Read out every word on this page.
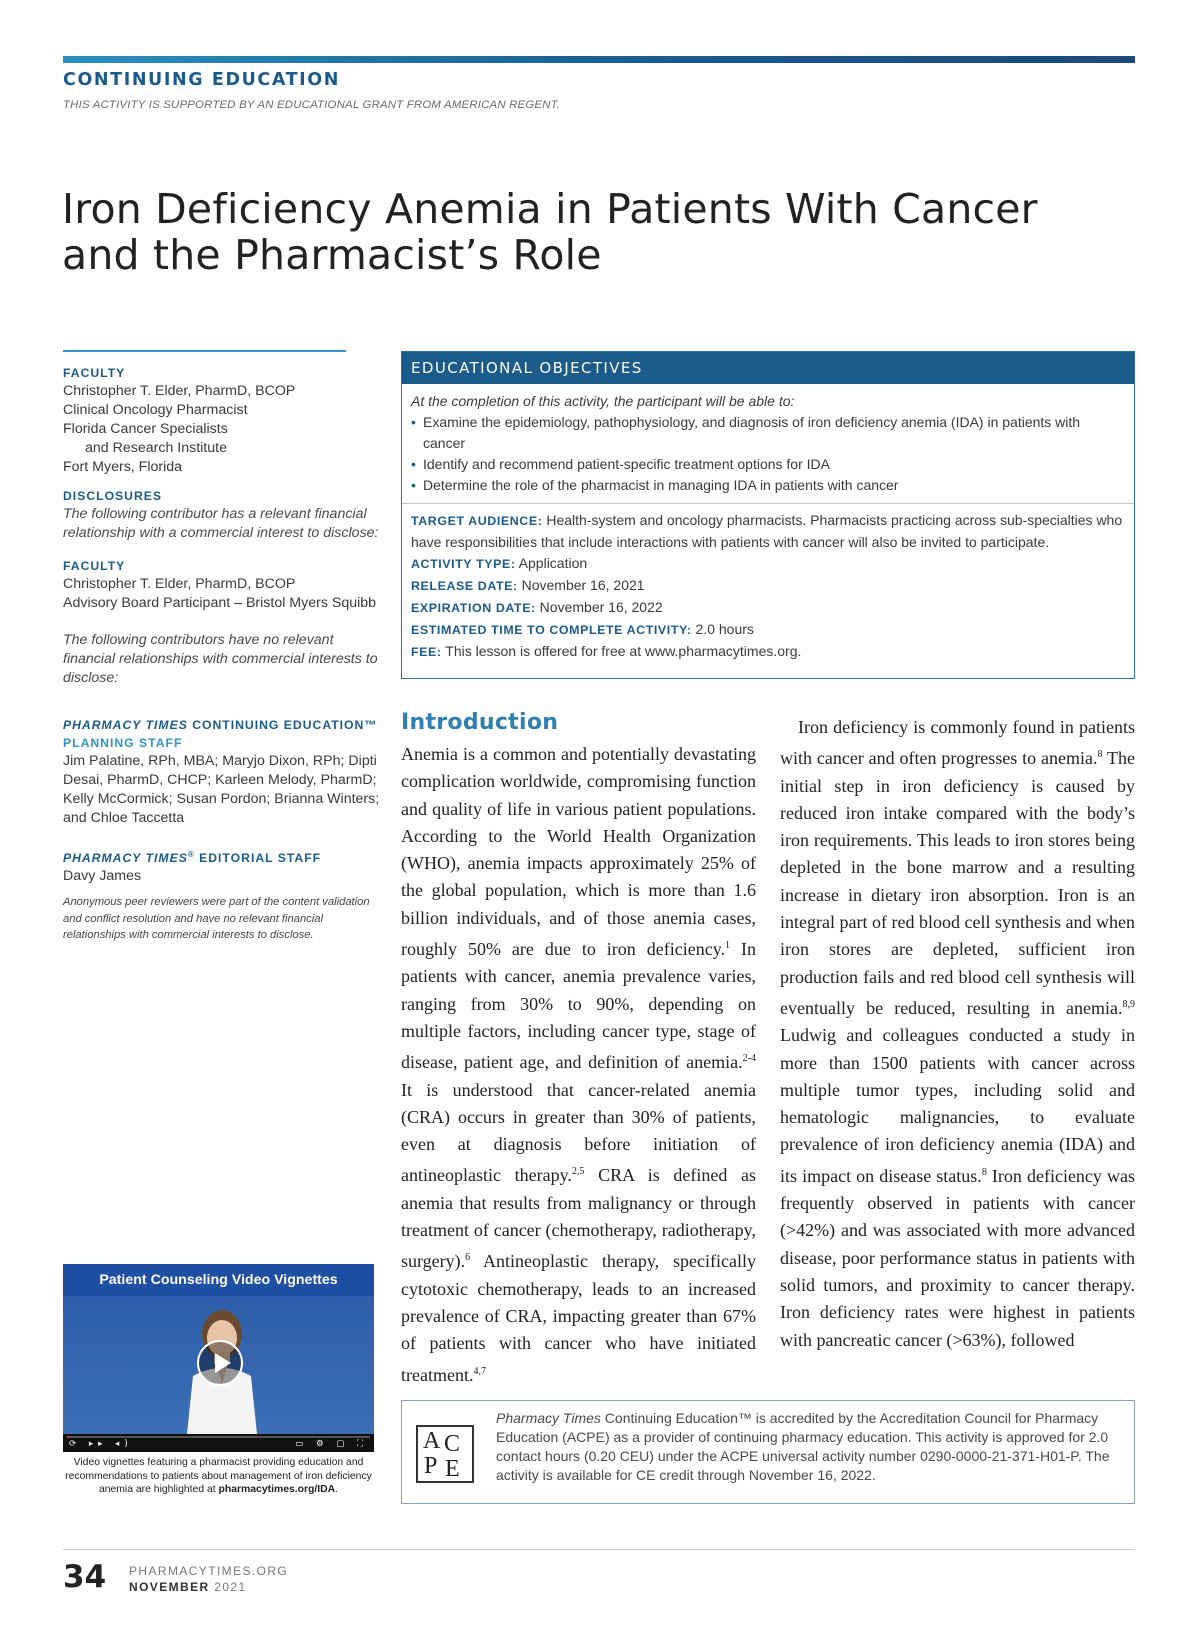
CONTINUING EDUCATION
THIS ACTIVITY IS SUPPORTED BY AN EDUCATIONAL GRANT FROM AMERICAN REGENT.
Iron Deficiency Anemia in Patients With Cancer
and the Pharmacist’s Role
FACULTY
Christopher T. Elder, PharmD, BCOP
Clinical Oncology Pharmacist
Florida Cancer Specialists
and Research Institute
Fort Myers, Florida
DISCLOSURES
The following contributor has a relevant financial relationship with a commercial interest to disclose:
FACULTY
Christopher T. Elder, PharmD, BCOP
Advisory Board Participant – Bristol Myers Squibb
The following contributors have no relevant financial relationships with commercial interests to disclose:
PHARMACY TIMES CONTINUING EDUCATION™
PLANNING STAFF
Jim Palatine, RPh, MBA; Maryjo Dixon, RPh; Dipti Desai, PharmD, CHCP; Karleen Melody, PharmD; Kelly McCormick; Susan Pordon; Brianna Winters; and Chloe Taccetta
PHARMACY TIMES® EDITORIAL STAFF
Davy James
Anonymous peer reviewers were part of the content validation and conflict resolution and have no relevant financial relationships with commercial interests to disclose.
Patient Counseling Video Vignettes
⟳ ▸▸ ◂)	▭ ⚙ ▢ ⛶
Video vignettes featuring a pharmacist providing education and recommendations to patients about management of iron deficiency anemia are highlighted at pharmacytimes.org/IDA.
EDUCATIONAL OBJECTIVES
At the completion of this activity, the participant will be able to:
• Examine the epidemiology, pathophysiology, and diagnosis of iron deficiency anemia (IDA) in patients with cancer
• Identify and recommend patient-specific treatment options for IDA
• Determine the role of the pharmacist in managing IDA in patients with cancer
TARGET AUDIENCE: Health-system and oncology pharmacists. Pharmacists practicing across sub-specialties who have responsibilities that include interactions with patients with cancer will also be invited to participate.
ACTIVITY TYPE: Application
RELEASE DATE: November 16, 2021
EXPIRATION DATE: November 16, 2022
ESTIMATED TIME TO COMPLETE ACTIVITY: 2.0 hours
FEE: This lesson is offered for free at www.pharmacytimes.org.
Introduction

Anemia is a common and potentially devastating complication worldwide, compromising function and quality of life in various patient populations. According to the World Health Organization (WHO), anemia impacts approximately 25% of the global population, which is more than 1.6 billion individuals, and of those anemia cases, roughly 50% are due to iron deficiency.$^1$ In patients with cancer, anemia prevalence varies, ranging from 30% to 90%, depending on multiple factors, including cancer type, stage of disease, patient age, and definition of anemia.$^{2-4}$ It is understood that cancer-related anemia (CRA) occurs in greater than 30% of patients, even at diagnosis before initiation of antineoplastic therapy.$^{2,5}$ CRA is defined as anemia that results from malignancy or through treatment of cancer (chemotherapy, radiotherapy, surgery).$^6$ Antineoplastic therapy, specifically cytotoxic chemotherapy, leads to an increased prevalence of CRA, impacting greater than 67% of patients with cancer who have initiated treatment.$^{4,7}$

Iron deficiency is commonly found in patients with cancer and often progresses to anemia.$^8$ The initial step in iron deficiency is caused by reduced iron intake compared with the body’s iron requirements. This leads to iron stores being depleted in the bone marrow and a resulting increase in dietary iron absorption. Iron is an integral part of red blood cell synthesis and when iron stores are depleted, sufficient iron production fails and red blood cell synthesis will eventually be reduced, resulting in anemia.$^{8,9}$ Ludwig and colleagues conducted a study in more than 1500 patients with cancer across multiple tumor types, including solid and hematologic malignancies, to evaluate prevalence of iron deficiency anemia (IDA) and its impact on disease status.$^8$ Iron deficiency was frequently observed in patients with cancer (>42%) and was associated with more advanced disease, poor performance status in patients with solid tumors, and proximity to cancer therapy. Iron deficiency rates were highest in patients with pancreatic cancer (>63%), followed

A C
P E
Pharmacy Times Continuing Education™ is accredited by the Accreditation Council for Pharmacy Education (ACPE) as a provider of continuing pharmacy education. This activity is approved for 2.0 contact hours (0.20 CEU) under the ACPE universal activity number 0290-0000-21-371-H01-P. The activity is available for CE credit through November 16, 2022.
34 PHARMACYTIMES.ORG
NOVEMBER 2021
